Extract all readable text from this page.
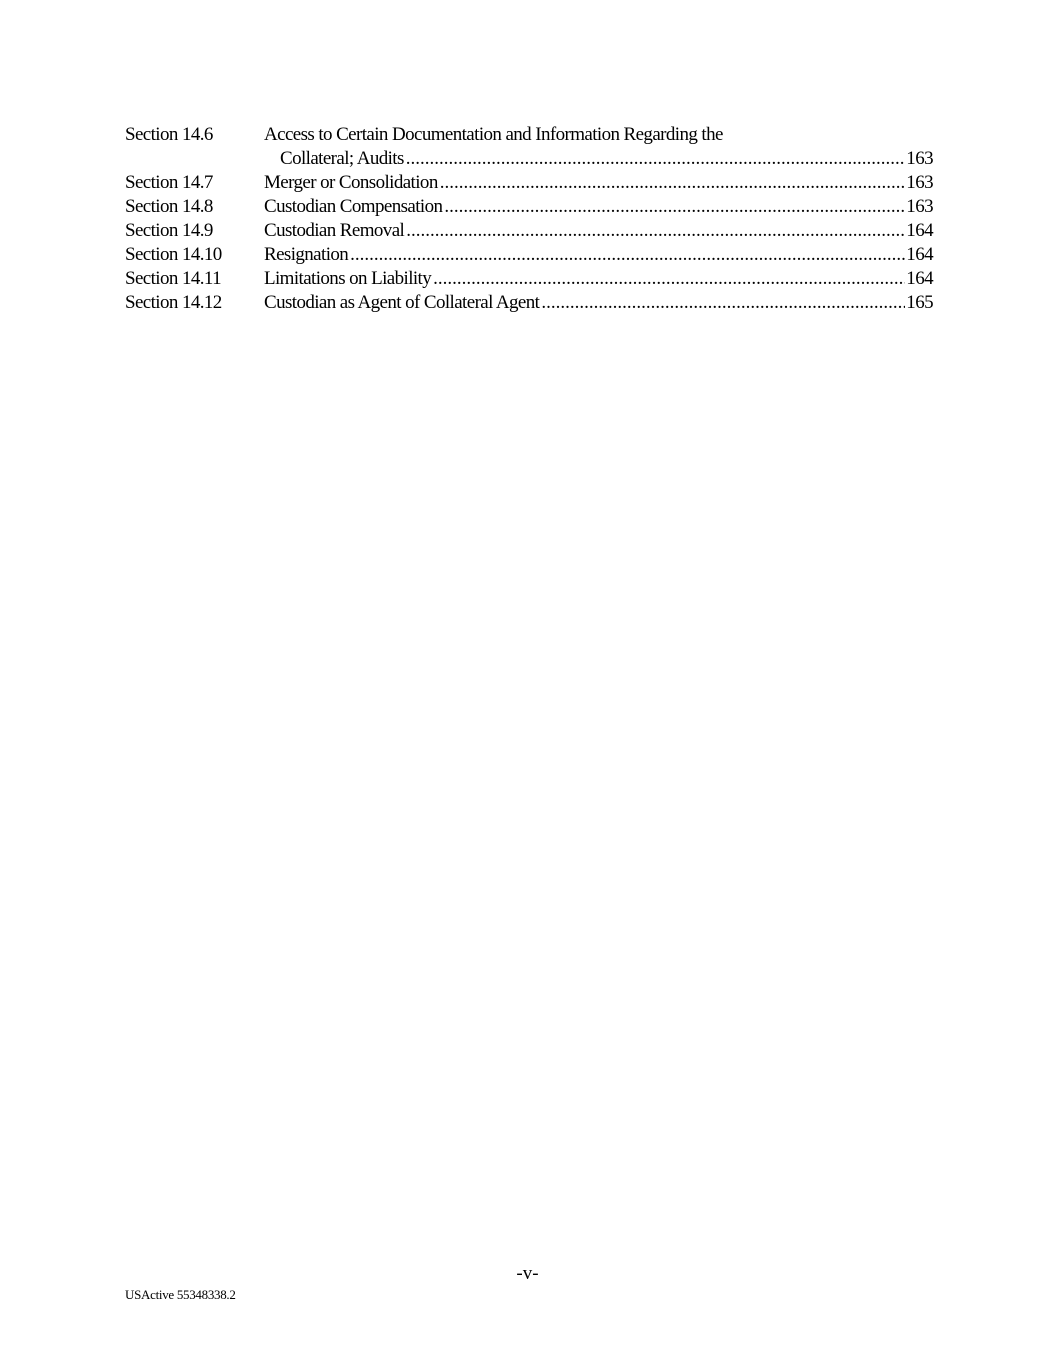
Section 14.6	Access to Certain Documentation and Information Regarding the
Collateral; Audits .....	163
Section 14.7	Merger or Consolidation .....	163
Section 14.8	Custodian Compensation .....	163
Section 14.9	Custodian Removal .....	164
Section 14.10	Resignation .....	164
Section 14.11	Limitations on Liability .....	164
Section 14.12	Custodian as Agent of Collateral Agent .....	165
-v-
USActive 55348338.2
